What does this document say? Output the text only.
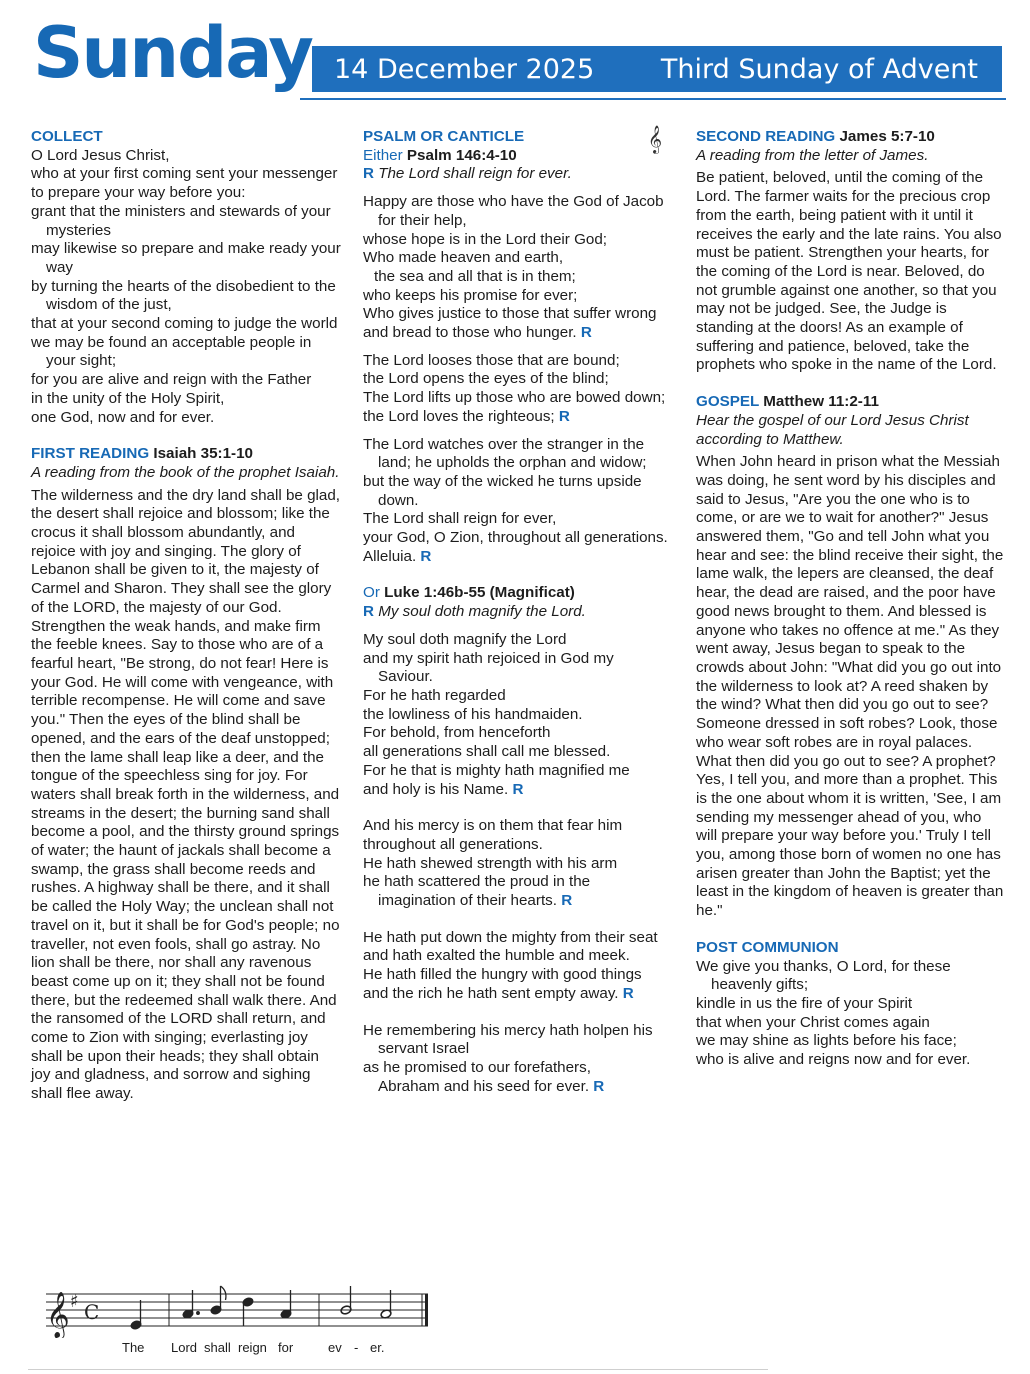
Sunday 14 December 2025 Third Sunday of Advent
COLLECT
O Lord Jesus Christ,
who at your first coming sent your messenger
to prepare your way before you:
grant that the ministers and stewards of your mysteries
may likewise so prepare and make ready your way
by turning the hearts of the disobedient to the wisdom of the just,
that at your second coming to judge the world
we may be found an acceptable people in your sight;
for you are alive and reign with the Father
in the unity of the Holy Spirit,
one God, now and for ever.
FIRST READING Isaiah 35:1-10
A reading from the book of the prophet Isaiah.
The wilderness and the dry land shall be glad, the desert shall rejoice and blossom; like the crocus it shall blossom abundantly, and rejoice with joy and singing. The glory of Lebanon shall be given to it, the majesty of Carmel and Sharon. They shall see the glory of the LORD, the majesty of our God. Strengthen the weak hands, and make firm the feeble knees. Say to those who are of a fearful heart, "Be strong, do not fear! Here is your God. He will come with vengeance, with terrible recompense. He will come and save you." Then the eyes of the blind shall be opened, and the ears of the deaf unstopped; then the lame shall leap like a deer, and the tongue of the speechless sing for joy. For waters shall break forth in the wilderness, and streams in the desert; the burning sand shall become a pool, and the thirsty ground springs of water; the haunt of jackals shall become a swamp, the grass shall become reeds and rushes. A highway shall be there, and it shall be called the Holy Way; the unclean shall not travel on it, but it shall be for God's people; no traveller, not even fools, shall go astray. No lion shall be there, nor shall any ravenous beast come up on it; they shall not be found there, but the redeemed shall walk there. And the ransomed of the LORD shall return, and come to Zion with singing; everlasting joy shall be upon their heads; they shall obtain joy and gladness, and sorrow and sighing shall flee away.
𝄞
PSALM OR CANTICLE
Either Psalm 146:4-10
R The Lord shall reign for ever.
Happy are those who have the God of Jacob for their help,
whose hope is in the Lord their God;
Who made heaven and earth,
the sea and all that is in them;
who keeps his promise for ever;
Who gives justice to those that suffer wrong
and bread to those who hunger. R
The Lord looses those that are bound;
the Lord opens the eyes of the blind;
The Lord lifts up those who are bowed down;
the Lord loves the righteous; R
The Lord watches over the stranger in the land; he upholds the orphan and widow;
but the way of the wicked he turns upside down.
The Lord shall reign for ever,
your God, O Zion, throughout all generations.
Alleluia. R
Or Luke 1:46b-55 (Magnificat)
R My soul doth magnify the Lord.
My soul doth magnify the Lord
and my spirit hath rejoiced in God my Saviour.
For he hath regarded
the lowliness of his handmaiden.
For behold, from henceforth
all generations shall call me blessed.
For he that is mighty hath magnified me
and holy is his Name. R
And his mercy is on them that fear him
throughout all generations.
He hath shewed strength with his arm
he hath scattered the proud in the imagination of their hearts. R
He hath put down the mighty from their seat
and hath exalted the humble and meek.
He hath filled the hungry with good things
and the rich he hath sent empty away. R
He remembering his mercy hath holpen his servant Israel
as he promised to our forefathers,
Abraham and his seed for ever. R
SECOND READING James 5:7-10
A reading from the letter of James.
Be patient, beloved, until the coming of the Lord. The farmer waits for the precious crop from the earth, being patient with it until it receives the early and the late rains. You also must be patient. Strengthen your hearts, for the coming of the Lord is near. Beloved, do not grumble against one another, so that you may not be judged. See, the Judge is standing at the doors! As an example of suffering and patience, beloved, take the prophets who spoke in the name of the Lord.
GOSPEL Matthew 11:2-11
Hear the gospel of our Lord Jesus Christ according to Matthew.
When John heard in prison what the Messiah was doing, he sent word by his disciples and said to Jesus, "Are you the one who is to come, or are we to wait for another?" Jesus answered them, "Go and tell John what you hear and see: the blind receive their sight, the lame walk, the lepers are cleansed, the deaf hear, the dead are raised, and the poor have good news brought to them. And blessed is anyone who takes no offence at me." As they went away, Jesus began to speak to the crowds about John: "What did you go out into the wilderness to look at? A reed shaken by the wind? What then did you go out to see? Someone dressed in soft robes? Look, those who wear soft robes are in royal palaces. What then did you go out to see? A prophet? Yes, I tell you, and more than a prophet. This is the one about whom it is written, 'See, I am sending my messenger ahead of you, who will prepare your way before you.' Truly I tell you, among those born of women no one has arisen greater than John the Baptist; yet the least in the kingdom of heaven is greater than he."
POST COMMUNION
We give you thanks, O Lord, for these heavenly gifts;
kindle in us the fire of your Spirit
that when your Christ comes again
we may shine as lights before his face;
who is alive and reigns now and for ever.
𝄞 ♯ C
The Lord shall reign for	ev - er.
